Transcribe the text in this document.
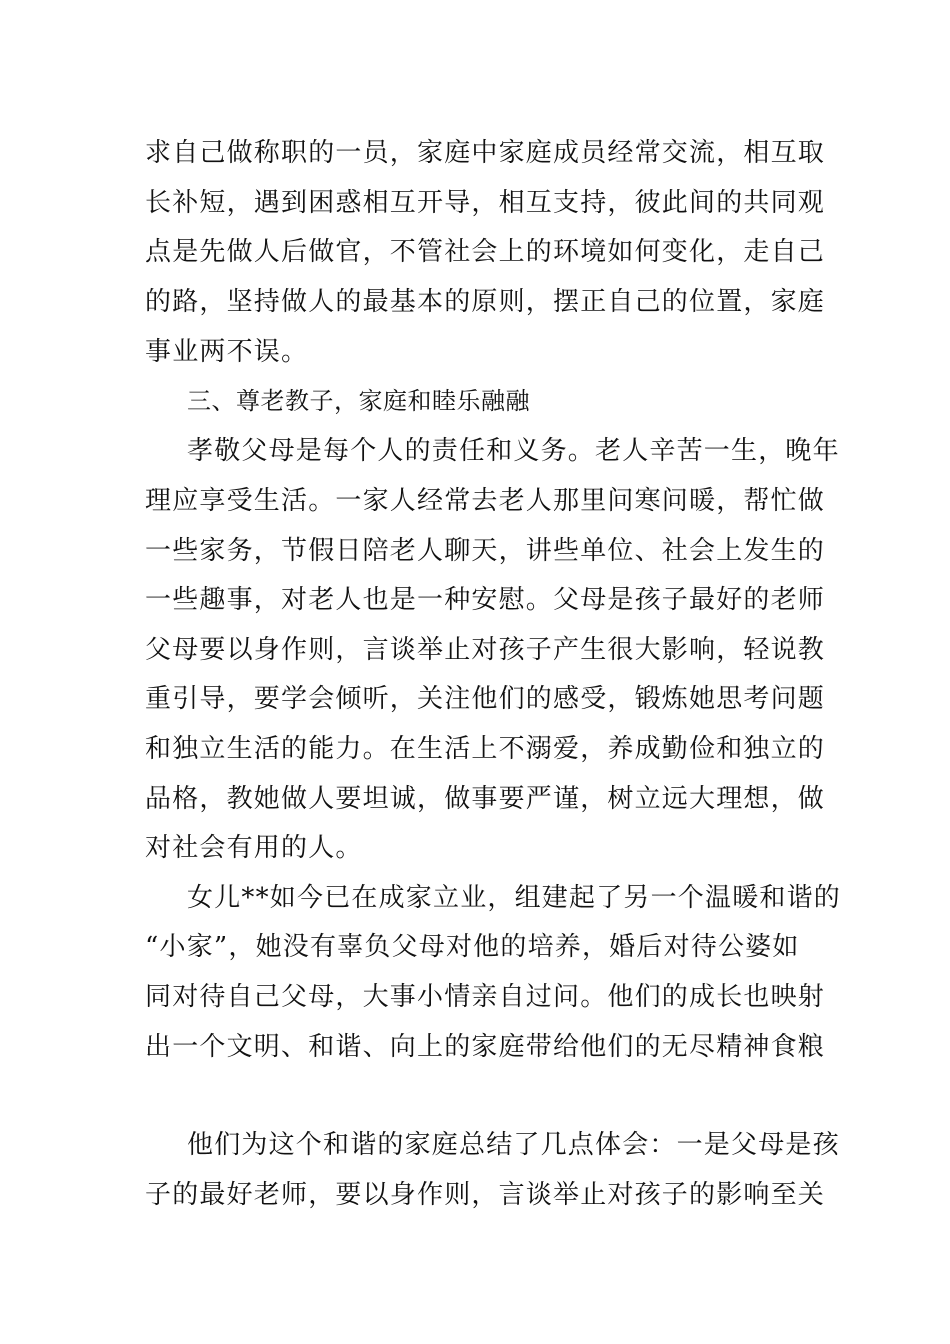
求自己做称职的一员，家庭中家庭成员经常交流，相互取
长补短，遇到困惑相互开导，相互支持，彼此间的共同观
点是先做人后做官，不管社会上的环境如何变化，走自己
的路，坚持做人的最基本的原则，摆正自己的位置，家庭
事业两不误。
三、尊老教子，家庭和睦乐融融
孝敬父母是每个人的责任和义务。老人辛苦一生，晚年
理应享受生活。一家人经常去老人那里问寒问暖，帮忙做
一些家务，节假日陪老人聊天，讲些单位、社会上发生的
一些趣事，对老人也是一种安慰。父母是孩子最好的老师
父母要以身作则，言谈举止对孩子产生很大影响，轻说教
重引导，要学会倾听，关注他们的感受，锻炼她思考问题
和独立生活的能力。在生活上不溺爱，养成勤俭和独立的
品格，教她做人要坦诚，做事要严谨，树立远大理想，做
对社会有用的人。
女儿**如今已在成家立业，组建起了另一个温暖和谐的
“小家”，她没有辜负父母对他的培养，婚后对待公婆如
同对待自己父母，大事小情亲自过问。他们的成长也映射
出一个文明、和谐、向上的家庭带给他们的无尽精神食粮
他们为这个和谐的家庭总结了几点体会：一是父母是孩
子的最好老师，要以身作则，言谈举止对孩子的影响至关
